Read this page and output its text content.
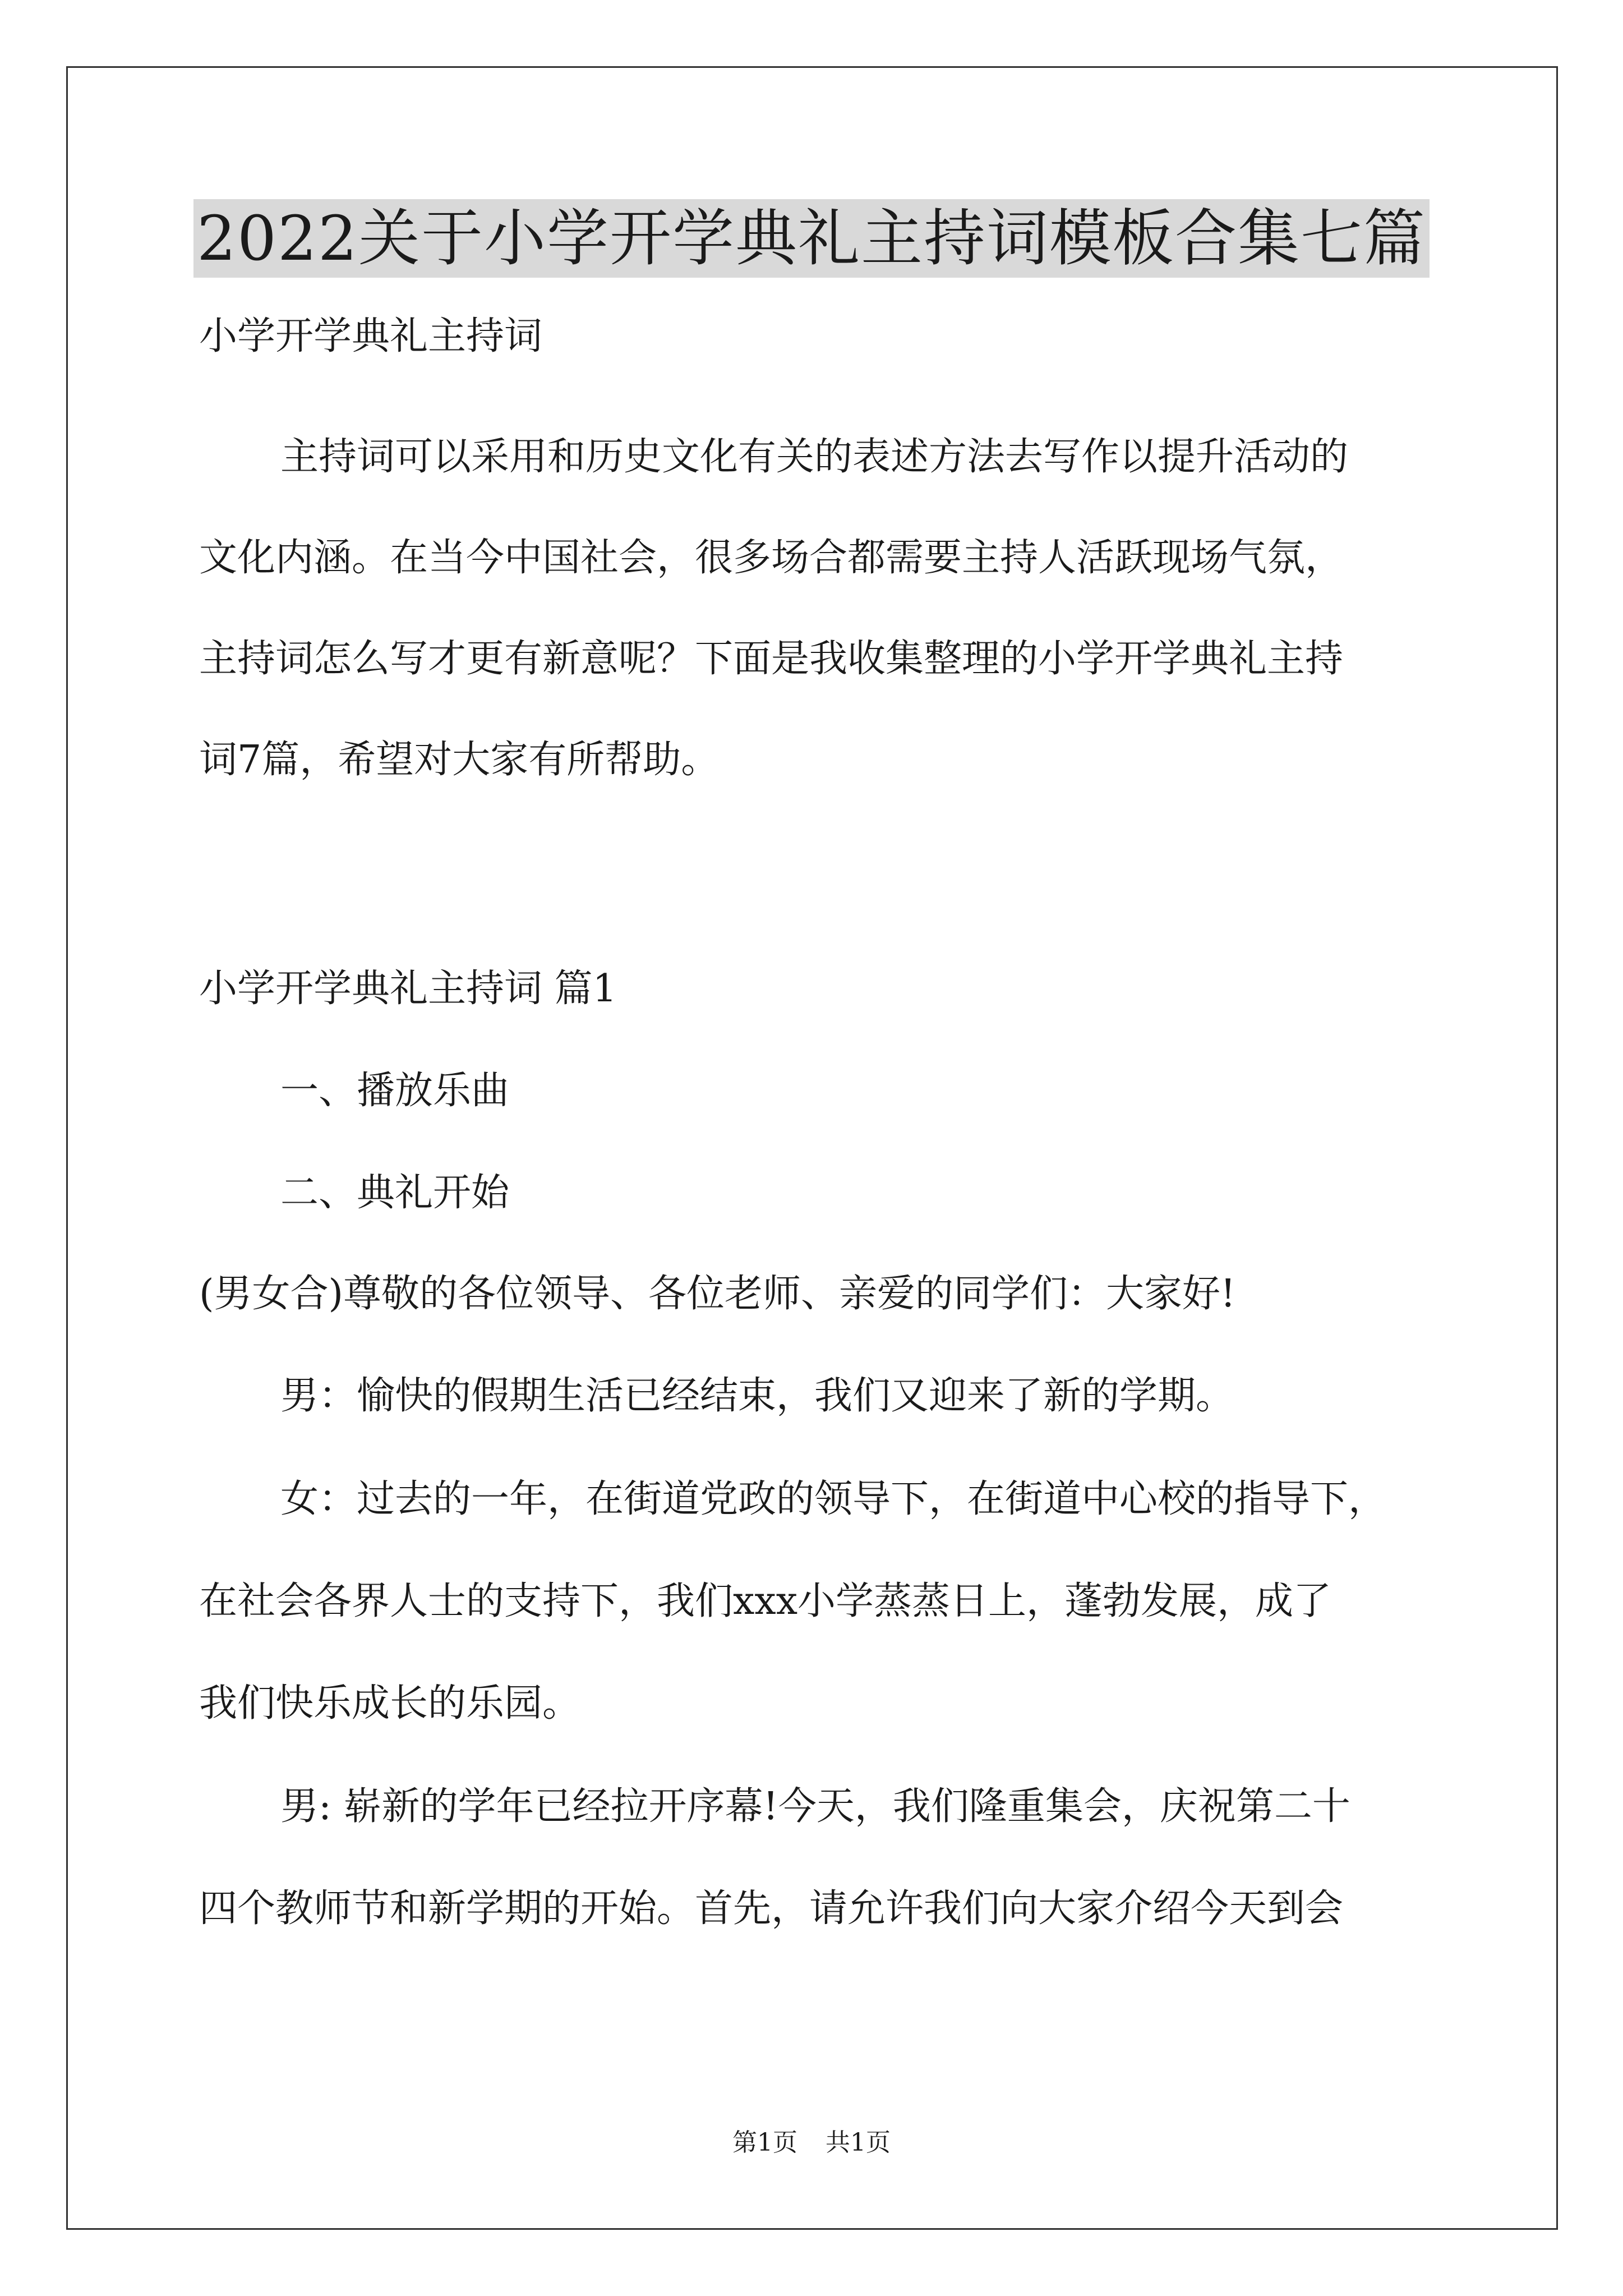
2022关于小学开学典礼主持词模板合集七篇
小学开学典礼主持词
主持词可以采用和历史文化有关的表述方法去写作以提升活动的
文化内涵。在当今中国社会，很多场合都需要主持人活跃现场气氛，
主持词怎么写才更有新意呢？下面是我收集整理的小学开学典礼主持
词7篇，希望对大家有所帮助。
小学开学典礼主持词 篇1
一、播放乐曲
二、典礼开始
(男女合)尊敬的各位领导、各位老师、亲爱的同学们：大家好!
男：愉快的假期生活已经结束，我们又迎来了新的学期。
女：过去的一年，在街道党政的领导下，在街道中心校的指导下，
在社会各界人士的支持下，我们xxx小学蒸蒸日上，蓬勃发展，成了
我们快乐成长的乐园。
男: 崭新的学年已经拉开序幕!今天，我们隆重集会，庆祝第二十
四个教师节和新学期的开始。首先，请允许我们向大家介绍今天到会
第1页 共1页
